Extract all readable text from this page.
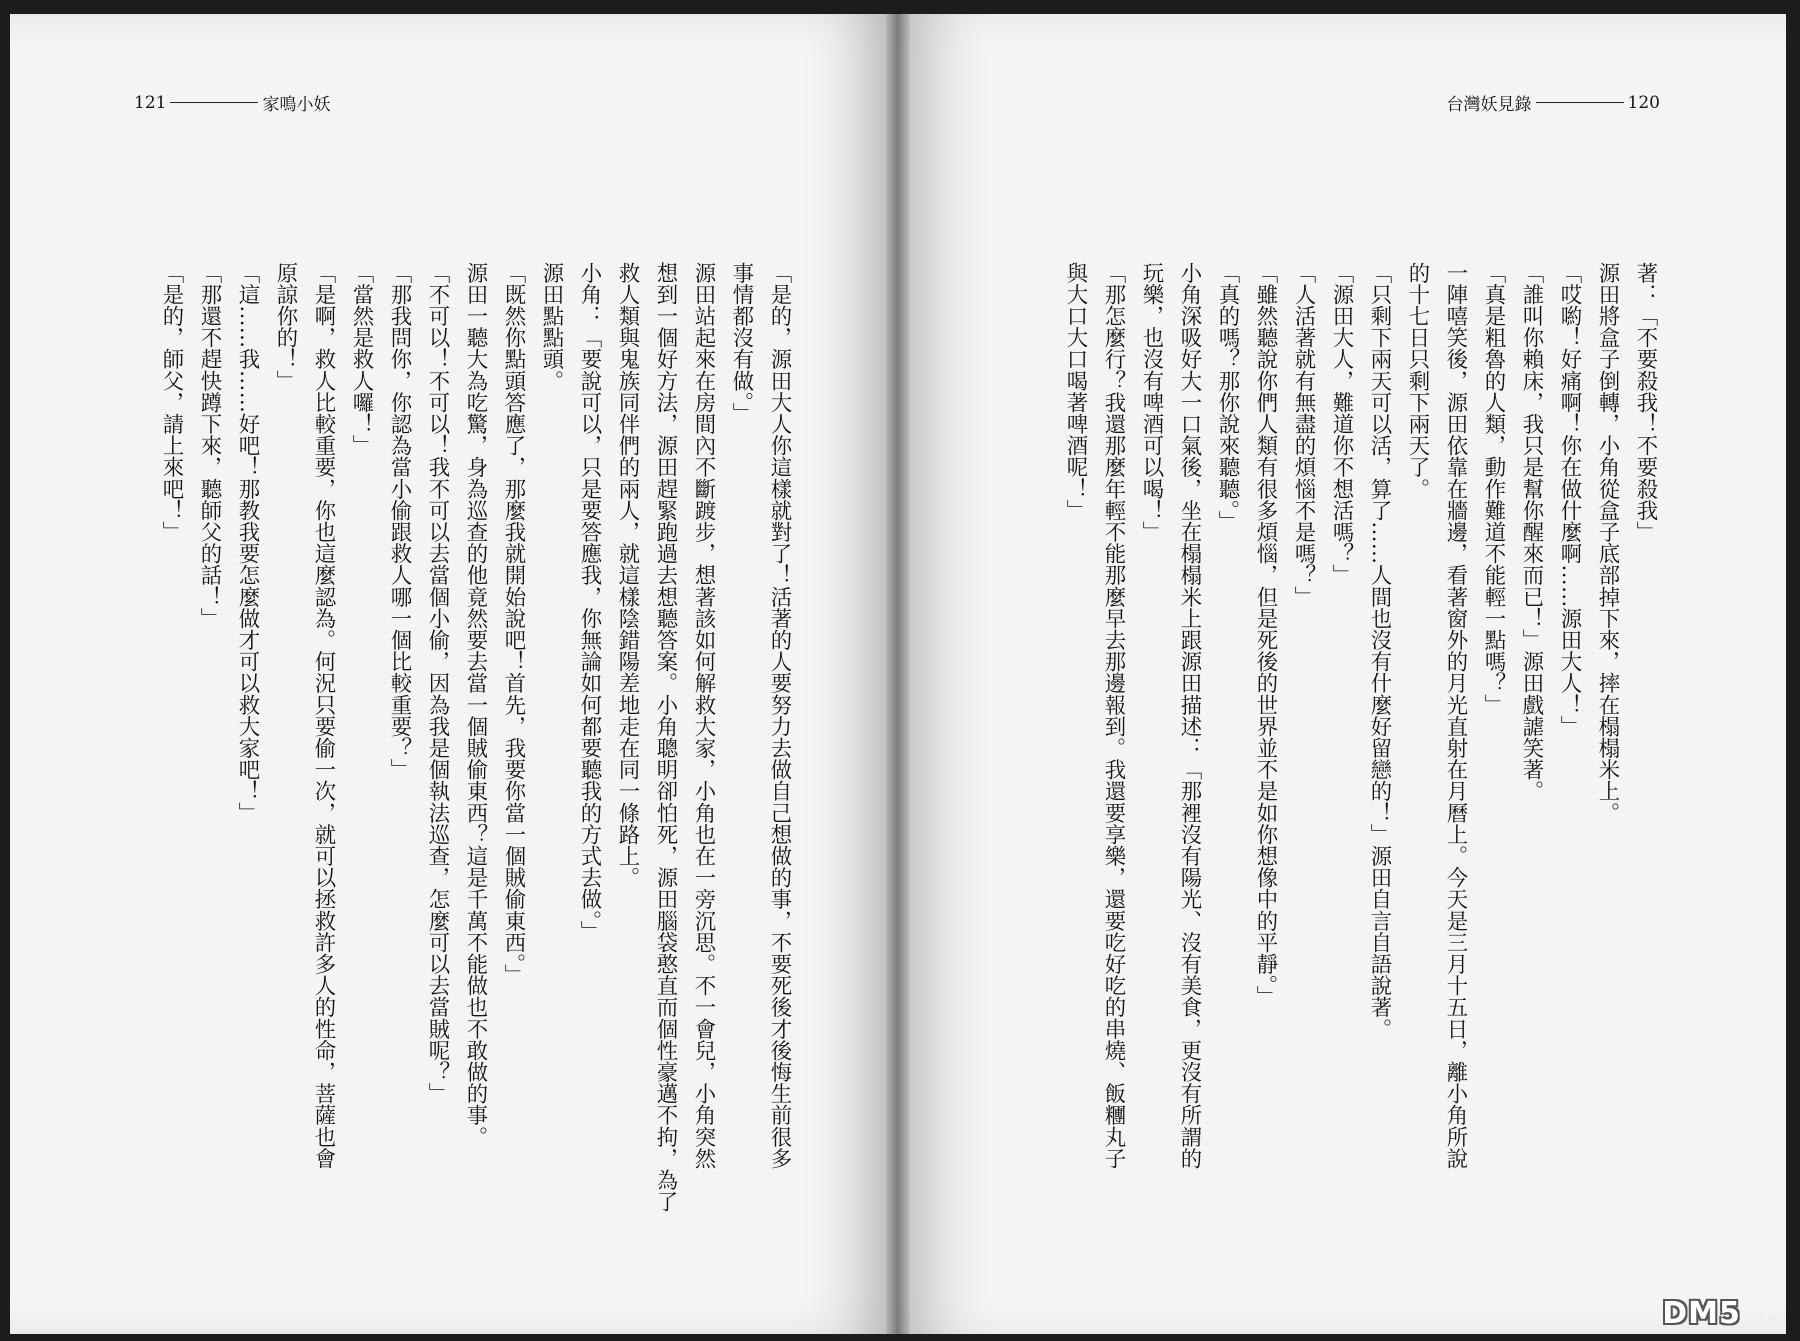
121	家鳴小妖

「是的，源田大人你這樣就對了！活著的人要努力去做自己想做的事，不要死後才後悔生前很多

事情都沒有做。」

源田站起來在房間內不斷踱步，想著該如何解救大家，小角也在一旁沉思。不一會兒，小角突然

想到一個好方法，源田趕緊跑過去想聽答案。小角聰明卻怕死，源田腦袋憨直而個性豪邁不拘，為了

救人類與鬼族同伴們的兩人，就這樣陰錯陽差地走在同一條路上。

小角：「要說可以，只是要答應我，你無論如何都要聽我的方式去做。」

源田點點頭。

「既然你點頭答應了，那麼我就開始說吧！首先，我要你當一個賊偷東西。」

源田一聽大為吃驚，身為巡查的他竟然要去當一個賊偷東西？這是千萬不能做也不敢做的事。

「不可以！不可以！我不可以去當個小偷，因為我是個執法巡查，怎麼可以去當賊呢？」

「那我問你，你認為當小偷跟救人哪一個比較重要？」

「當然是救人囉！」

「是啊，救人比較重要，你也這麼認為。何況只要偷一次，就可以拯救許多人的性命，菩薩也會

原諒你的！」

「這……我……好吧！那教我要怎麼做才可以救大家吧！」

「那還不趕快蹲下來，聽師父的話！」

「是的，師父，請上來吧！」

台灣妖見錄	120

著：「不要殺我！不要殺我」

源田將盒子倒轉，小角從盒子底部掉下來，摔在榻榻米上。

「哎喲！好痛啊！你在做什麼啊……源田大人！」

「誰叫你賴床，我只是幫你醒來而已！」源田戲謔笑著。

「真是粗魯的人類，動作難道不能輕一點嗎？」

一陣嘻笑後，源田依靠在牆邊，看著窗外的月光直射在月曆上。今天是三月十五日，離小角所說

的十七日只剩下兩天了。

「只剩下兩天可以活，算了……人間也沒有什麼好留戀的！」源田自言自語說著。

「源田大人，難道你不想活嗎？」

「人活著就有無盡的煩惱不是嗎？」

「雖然聽說你們人類有很多煩惱，但是死後的世界並不是如你想像中的平靜。」

「真的嗎？那你說來聽聽。」

小角深吸好大一口氣後，坐在榻榻米上跟源田描述：「那裡沒有陽光、沒有美食，更沒有所謂的

玩樂，也沒有啤酒可以喝！」

「那怎麼行？我還那麼年輕不能那麼早去那邊報到。我還要享樂，還要吃好吃的串燒、飯糰丸子

與大口大口喝著啤酒呢！」

DM5 .com
